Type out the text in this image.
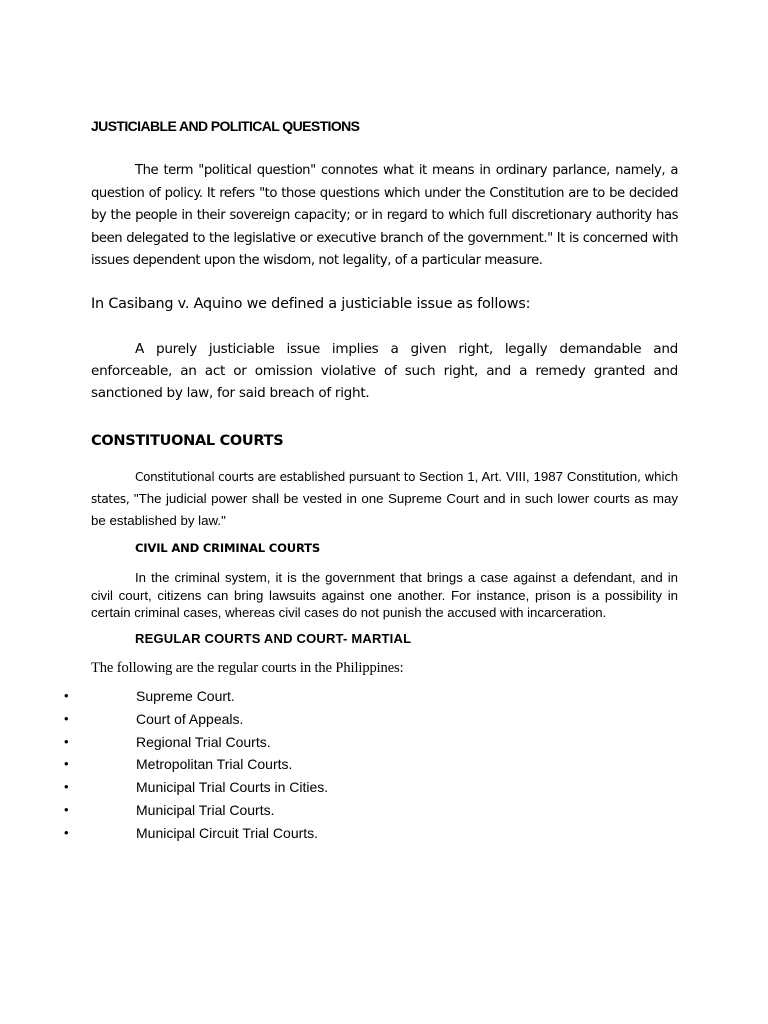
JUSTICIABLE AND POLITICAL QUESTIONS

The term "political question" connotes what it means in ordinary parlance, namely, a question of policy. It refers "to those questions which under the Constitution are to be decided by the people in their sovereign capacity; or in regard to which full discretionary authority has been delegated to the legislative or executive branch of the government." It is concerned with issues dependent upon the wisdom, not legality, of a particular measure.

In Casibang v. Aquino we defined a justiciable issue as follows:

A purely justiciable issue implies a given right, legally demandable and enforceable, an act or omission violative of such right, and a remedy granted and sanctioned by law, for said breach of right.

CONSTITUONAL COURTS

Constitutional courts are established pursuant to Section 1, Art. VIII, 1987 Constitution, which states, "The judicial power shall be vested in one Supreme Court and in such lower courts as may be established by law."

CIVIL AND CRIMINAL COURTS

In the criminal system, it is the government that brings a case against a defendant, and in civil court, citizens can bring lawsuits against one another. For instance, prison is a possibility in certain criminal cases, whereas civil cases do not punish the accused with incarceration.

REGULAR COURTS AND COURT- MARTIAL

The following are the regular courts in the Philippines:

•	Supreme Court.
•	Court of Appeals.
•	Regional Trial Courts.
•	Metropolitan Trial Courts.
•	Municipal Trial Courts in Cities.
•	Municipal Trial Courts.
•	Municipal Circuit Trial Courts.
